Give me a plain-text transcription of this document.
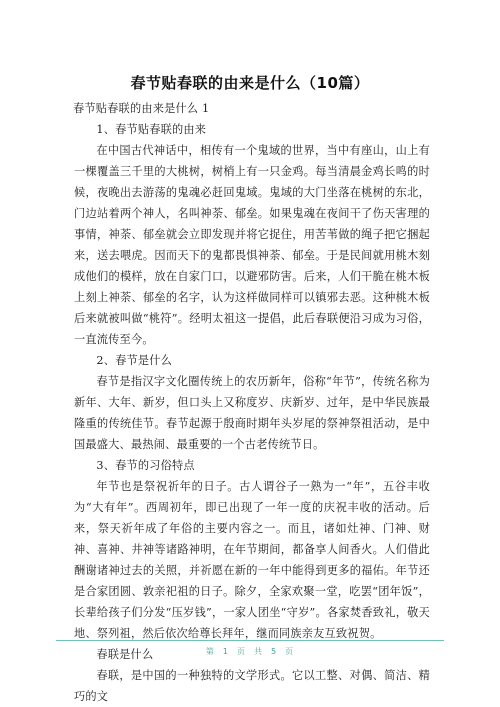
春节贴春联的由来是什么（10篇）

春节贴春联的由来是什么 1

1、春节贴春联的由来

在中国古代神话中，相传有一个鬼域的世界，当中有座山，山上有一棵覆盖三千里的大桃树，树梢上有一只金鸡。每当清晨金鸡长鸣的时候，夜晚出去游荡的鬼魂必赶回鬼域。鬼域的大门坐落在桃树的东北，门边站着两个神人，名叫神荼、郁垒。如果鬼魂在夜间干了伤天害理的事情，神荼、郁垒就会立即发现并将它捉住，用苦苇做的绳子把它捆起来，送去喂虎。因而天下的鬼都畏惧神荼、郁垒。于是民间就用桃木刻成他们的模样，放在自家门口，以避邪防害。后来，人们干脆在桃木板上刻上神荼、郁垒的名字，认为这样做同样可以镇邪去恶。这种桃木板后来就被叫做“桃符”。经明太祖这一提倡，此后春联便沿习成为习俗，一直流传至今。

2、春节是什么

春节是指汉字文化圈传统上的农历新年，俗称“年节”，传统名称为新年、大年、新岁，但口头上又称度岁、庆新岁、过年，是中华民族最隆重的传统佳节。春节起源于殷商时期年头岁尾的祭神祭祖活动，是中国最盛大、最热闹、最重要的一个古老传统节日。

3、春节的习俗特点

年节也是祭祝祈年的日子。古人谓谷子一熟为一“年”，五谷丰收为“大有年”。西周初年，即已出现了一年一度的庆祝丰收的活动。后来，祭天祈年成了年俗的主要内容之一。而且，诸如灶神、门神、财神、喜神、井神等诸路神明，在年节期间，都备享人间香火。人们借此酬谢诸神过去的关照，并祈愿在新的一年中能得到更多的福佑。年节还是合家团圆、敦亲祀祖的日子。除夕，全家欢聚一堂，吃罢“团年饭”，长辈给孩子们分发“压岁钱”，一家人团坐“守岁”。各家焚香致礼，敬天地、祭列祖，然后依次给尊长拜年，继而同族亲友互致祝贺。

春联是什么

春联，是中国的一种独特的文学形式。它以工整、对偶、简洁、精巧的文

第 1 页 共 5 页
